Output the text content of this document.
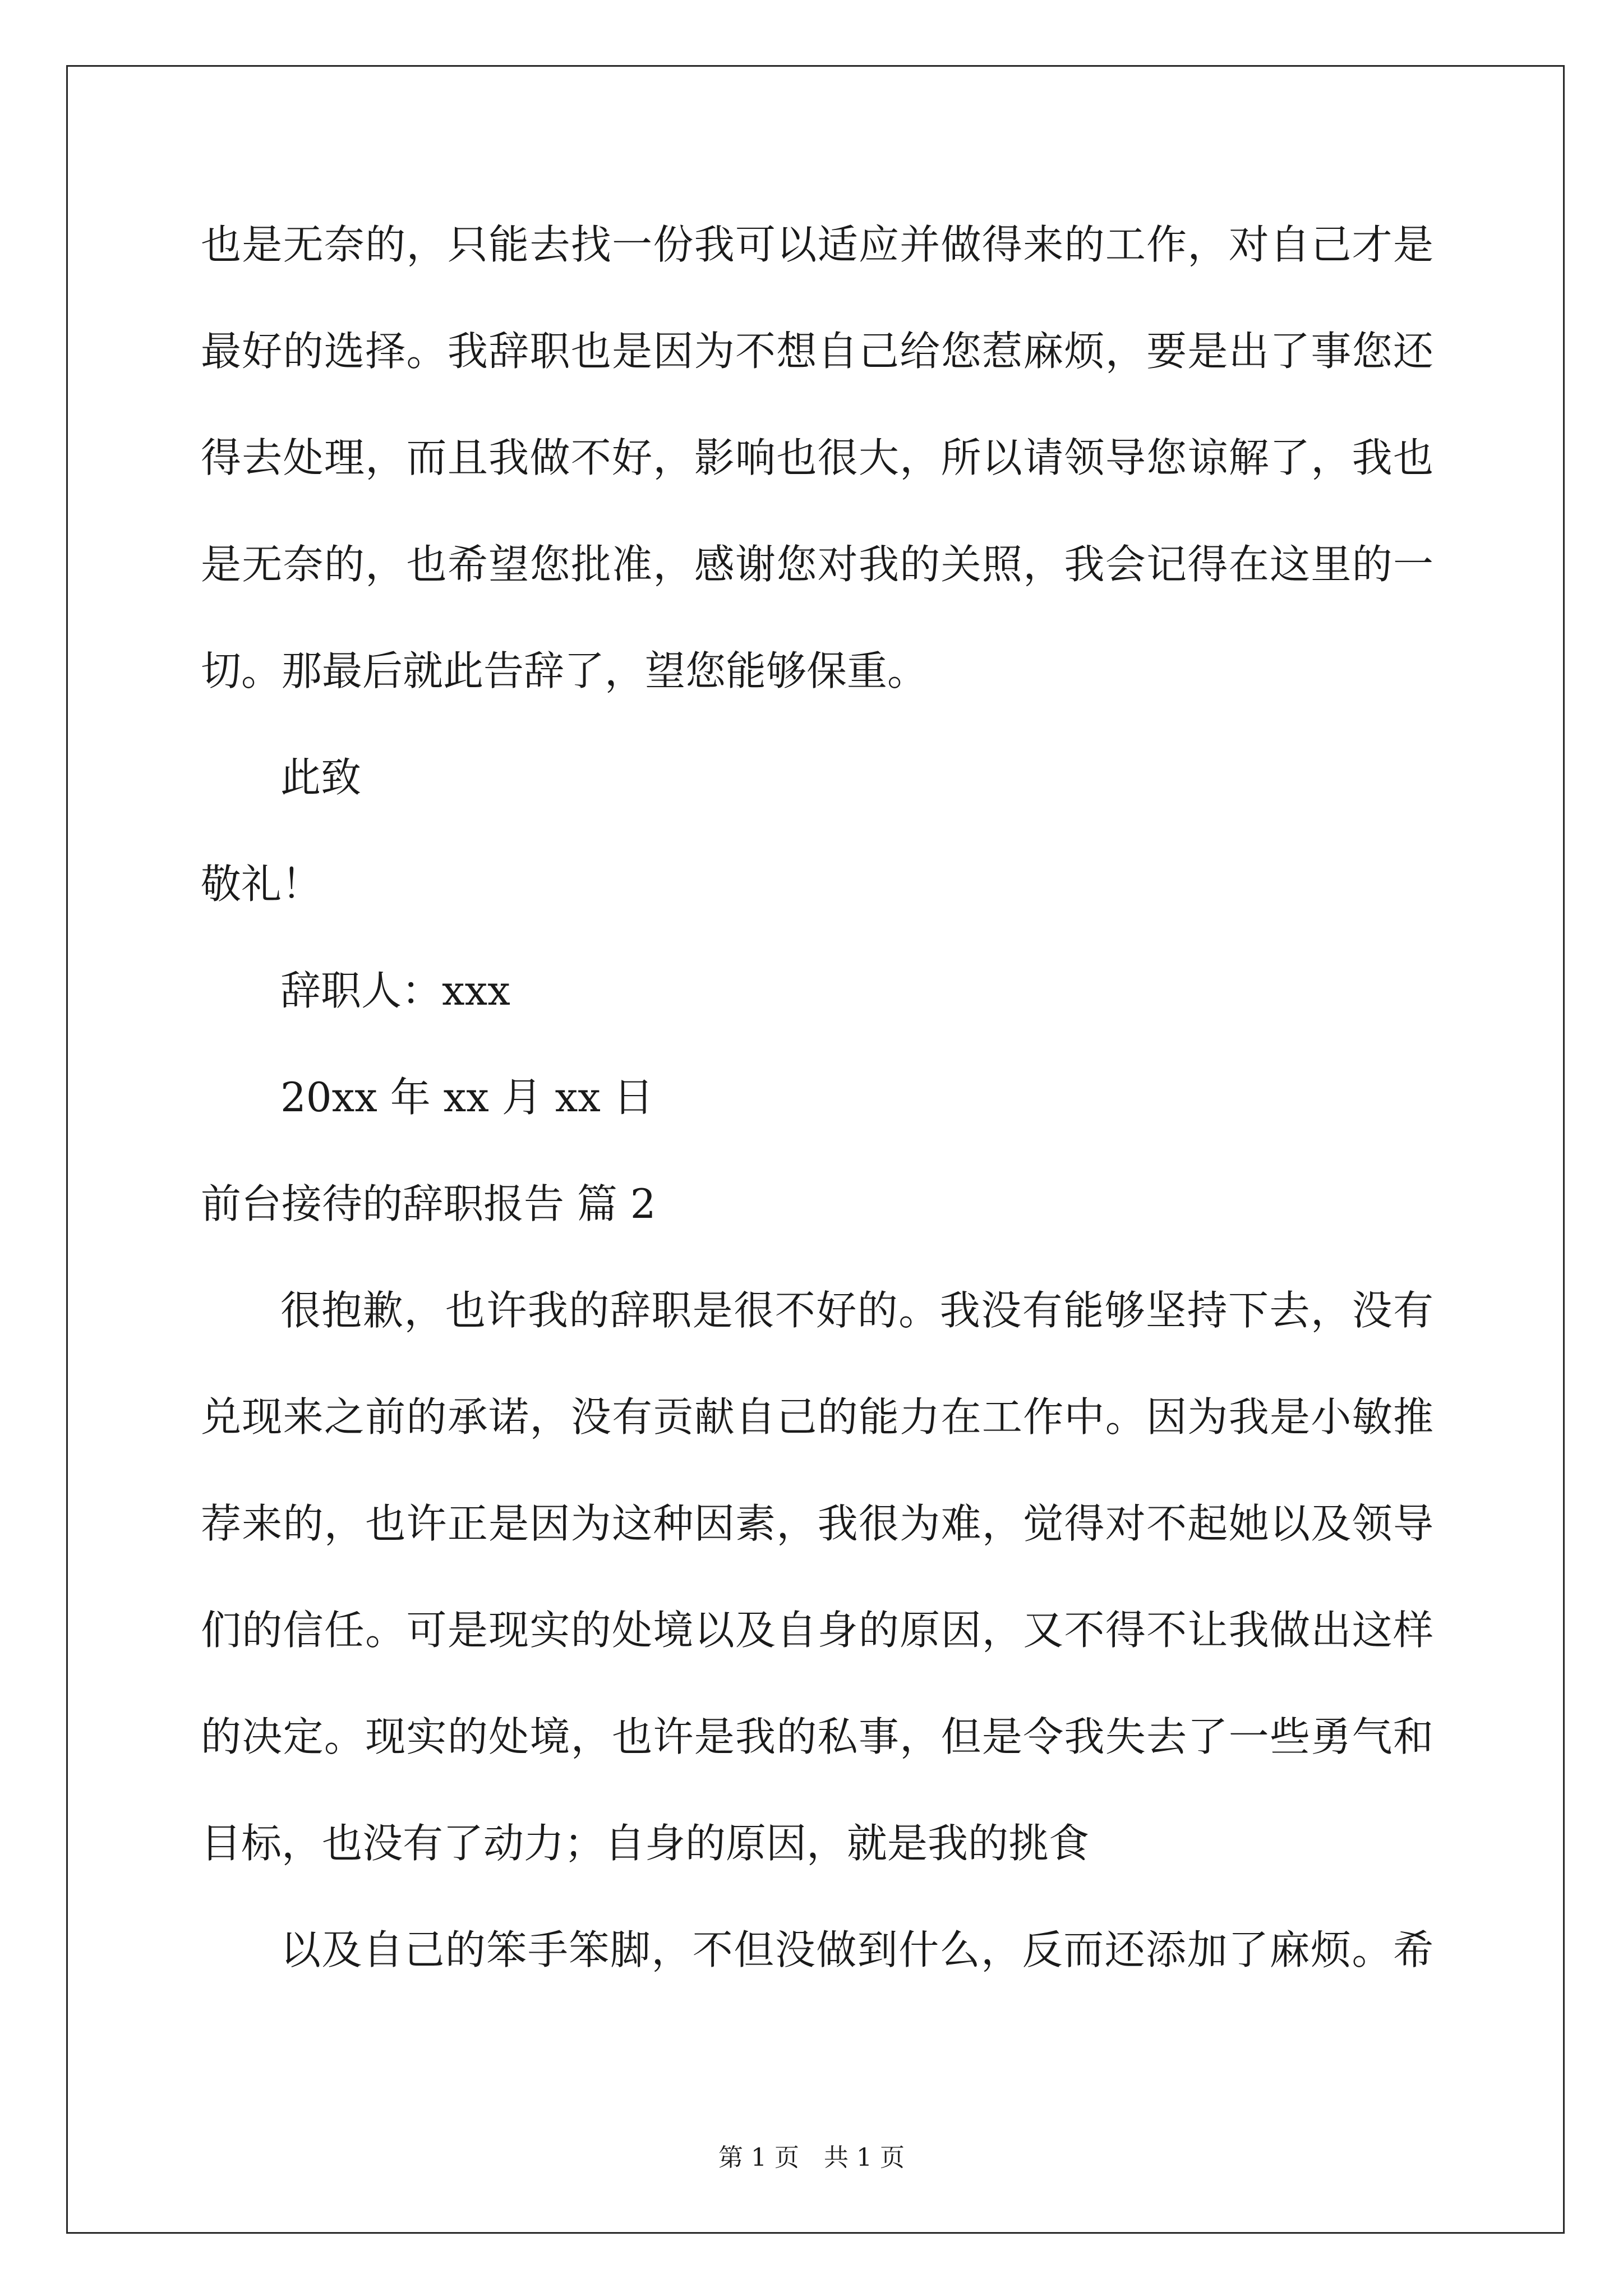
也是无奈的，只能去找一份我可以适应并做得来的工作，对自己才是
最好的选择。我辞职也是因为不想自己给您惹麻烦，要是出了事您还
得去处理，而且我做不好，影响也很大，所以请领导您谅解了，我也
是无奈的，也希望您批准，感谢您对我的关照，我会记得在这里的一
切。那最后就此告辞了，望您能够保重。
此致
敬礼！
辞职人：xxx
20xx 年 xx 月 xx 日
前台接待的辞职报告 篇 2
很抱歉，也许我的辞职是很不好的。我没有能够坚持下去，没有
兑现来之前的承诺，没有贡献自己的能力在工作中。因为我是小敏推
荐来的，也许正是因为这种因素，我很为难，觉得对不起她以及领导
们的信任。可是现实的处境以及自身的原因，又不得不让我做出这样
的决定。现实的处境，也许是我的私事，但是令我失去了一些勇气和
目标，也没有了动力；自身的原因，就是我的挑食
以及自己的笨手笨脚，不但没做到什么，反而还添加了麻烦。希
第 1 页　共 1 页
